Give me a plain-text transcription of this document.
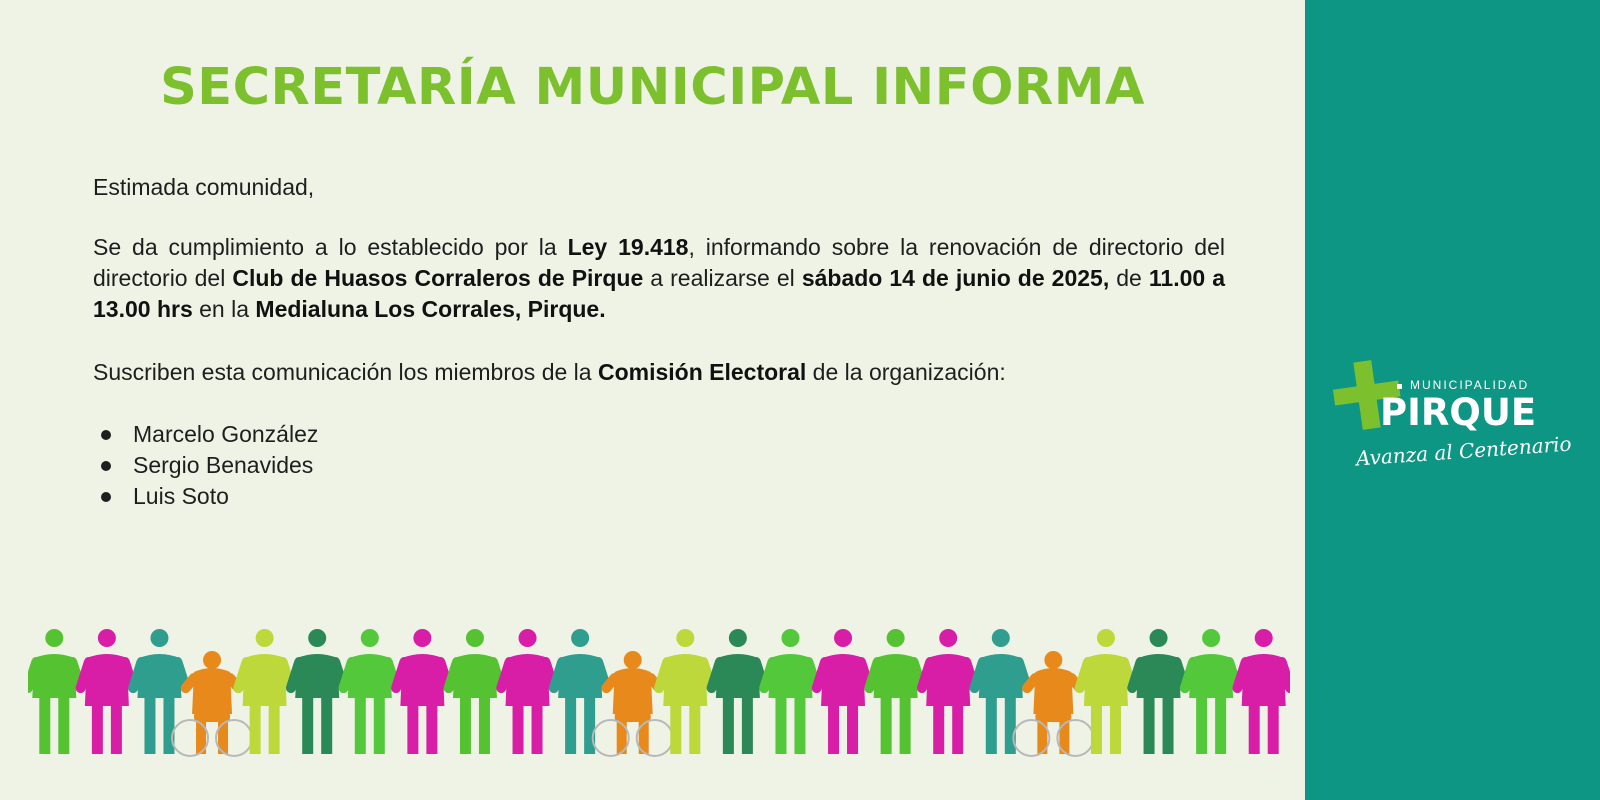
SECRETARÍA MUNICIPAL INFORMA
Estimada comunidad,
Se da cumplimiento a lo establecido por la Ley 19.418, informando sobre la renovación de directorio del directorio del Club de Huasos Corraleros de Pirque a realizarse el sábado 14 de junio de 2025, de 11.00 a 13.00 hrs en la Medialuna Los Corrales, Pirque.
Suscriben esta comunicación los miembros de la Comisión Electoral de la organización:
Marcelo González
Sergio Benavides
Luis Soto
MUNICIPALIDAD
PIRQUE
Avanza al Centenario
